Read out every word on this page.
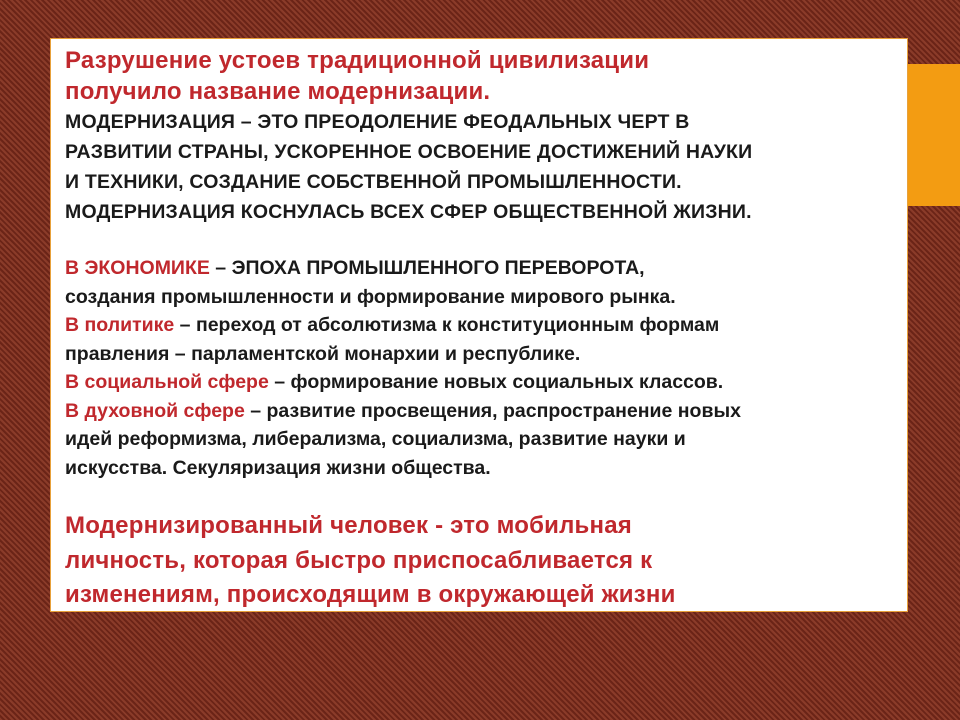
Разрушение устоев традиционной цивилизации
получило название модернизации.
МОДЕРНИЗАЦИЯ – ЭТО ПРЕОДОЛЕНИЕ ФЕОДАЛЬНЫХ ЧЕРТ В
РАЗВИТИИ СТРАНЫ, УСКОРЕННОЕ ОСВОЕНИЕ ДОСТИЖЕНИЙ НАУКИ
И ТЕХНИКИ, СОЗДАНИЕ СОБСТВЕННОЙ ПРОМЫШЛЕННОСТИ.
МОДЕРНИЗАЦИЯ КОСНУЛАСЬ ВСЕХ СФЕР ОБЩЕСТВЕННОЙ ЖИЗНИ.
В ЭКОНОМИКЕ – ЭПОХА ПРОМЫШЛЕННОГО ПЕРЕВОРОТА,
создания промышленности и формирование мирового рынка.
В политике – переход от абсолютизма к конституционным формам
правления – парламентской монархии и республике.
В социальной сфере – формирование новых социальных классов.
В духовной сфере – развитие просвещения, распространение новых
идей реформизма, либерализма, социализма, развитие науки и
искусства. Секуляризация жизни общества.
Модернизированный человек - это мобильная
личность, которая быстро приспосабливается к
изменениям, происходящим в окружающей жизни
